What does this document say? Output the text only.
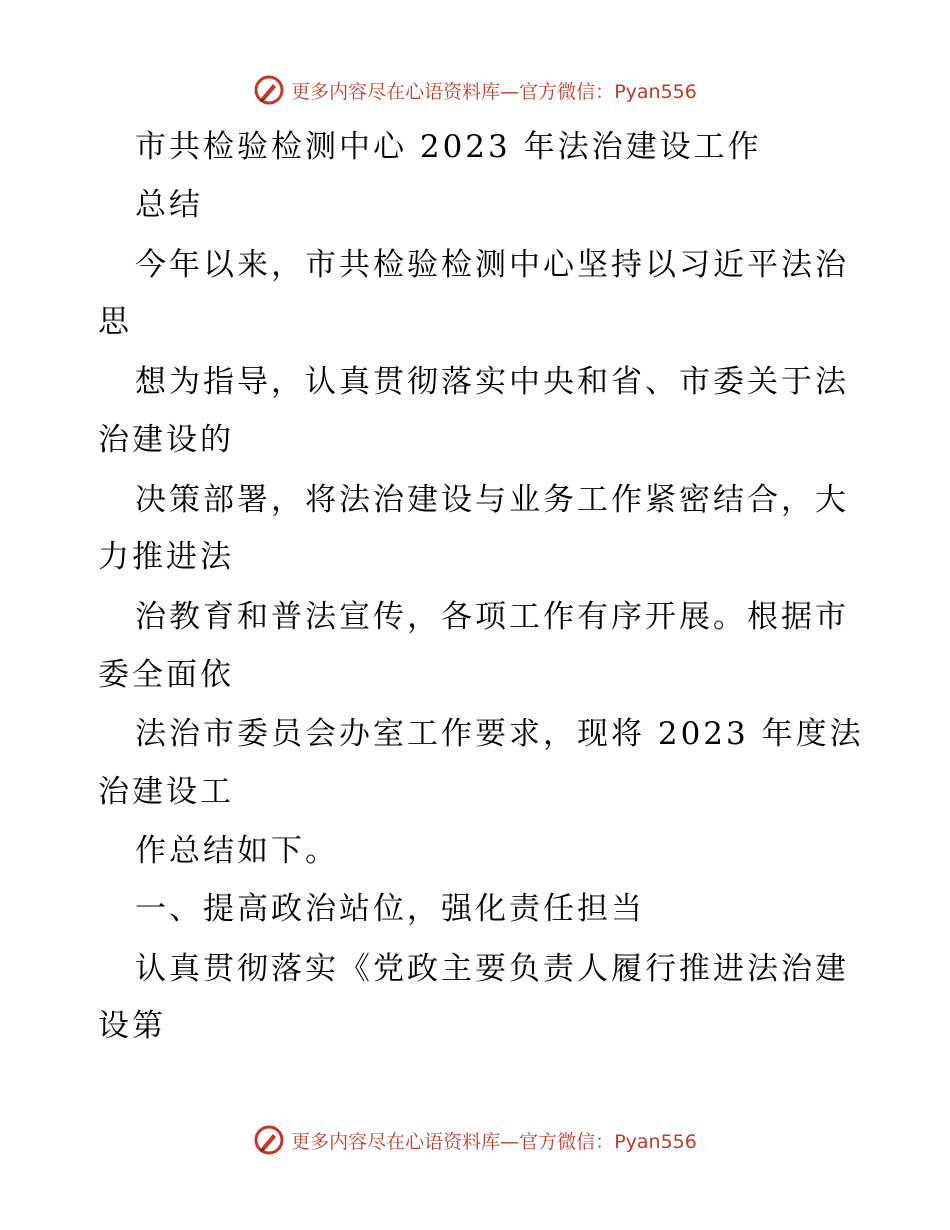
更多内容尽在心语资料库—官方微信：Pyan556
市共检验检测中心 2023 年法治建设工作
总结
今年以来，市共检验检测中心坚持以习近平法治
思
想为指导，认真贯彻落实中央和省、市委关于法
治建设的
决策部署，将法治建设与业务工作紧密结合，大
力推进法
治教育和普法宣传，各项工作有序开展。根据市
委全面依
法治市委员会办室工作要求，现将 2023 年度法
治建设工
作总结如下。
一、提高政治站位，强化责任担当
认真贯彻落实《党政主要负责人履行推进法治建
设第
更多内容尽在心语资料库—官方微信：Pyan556
